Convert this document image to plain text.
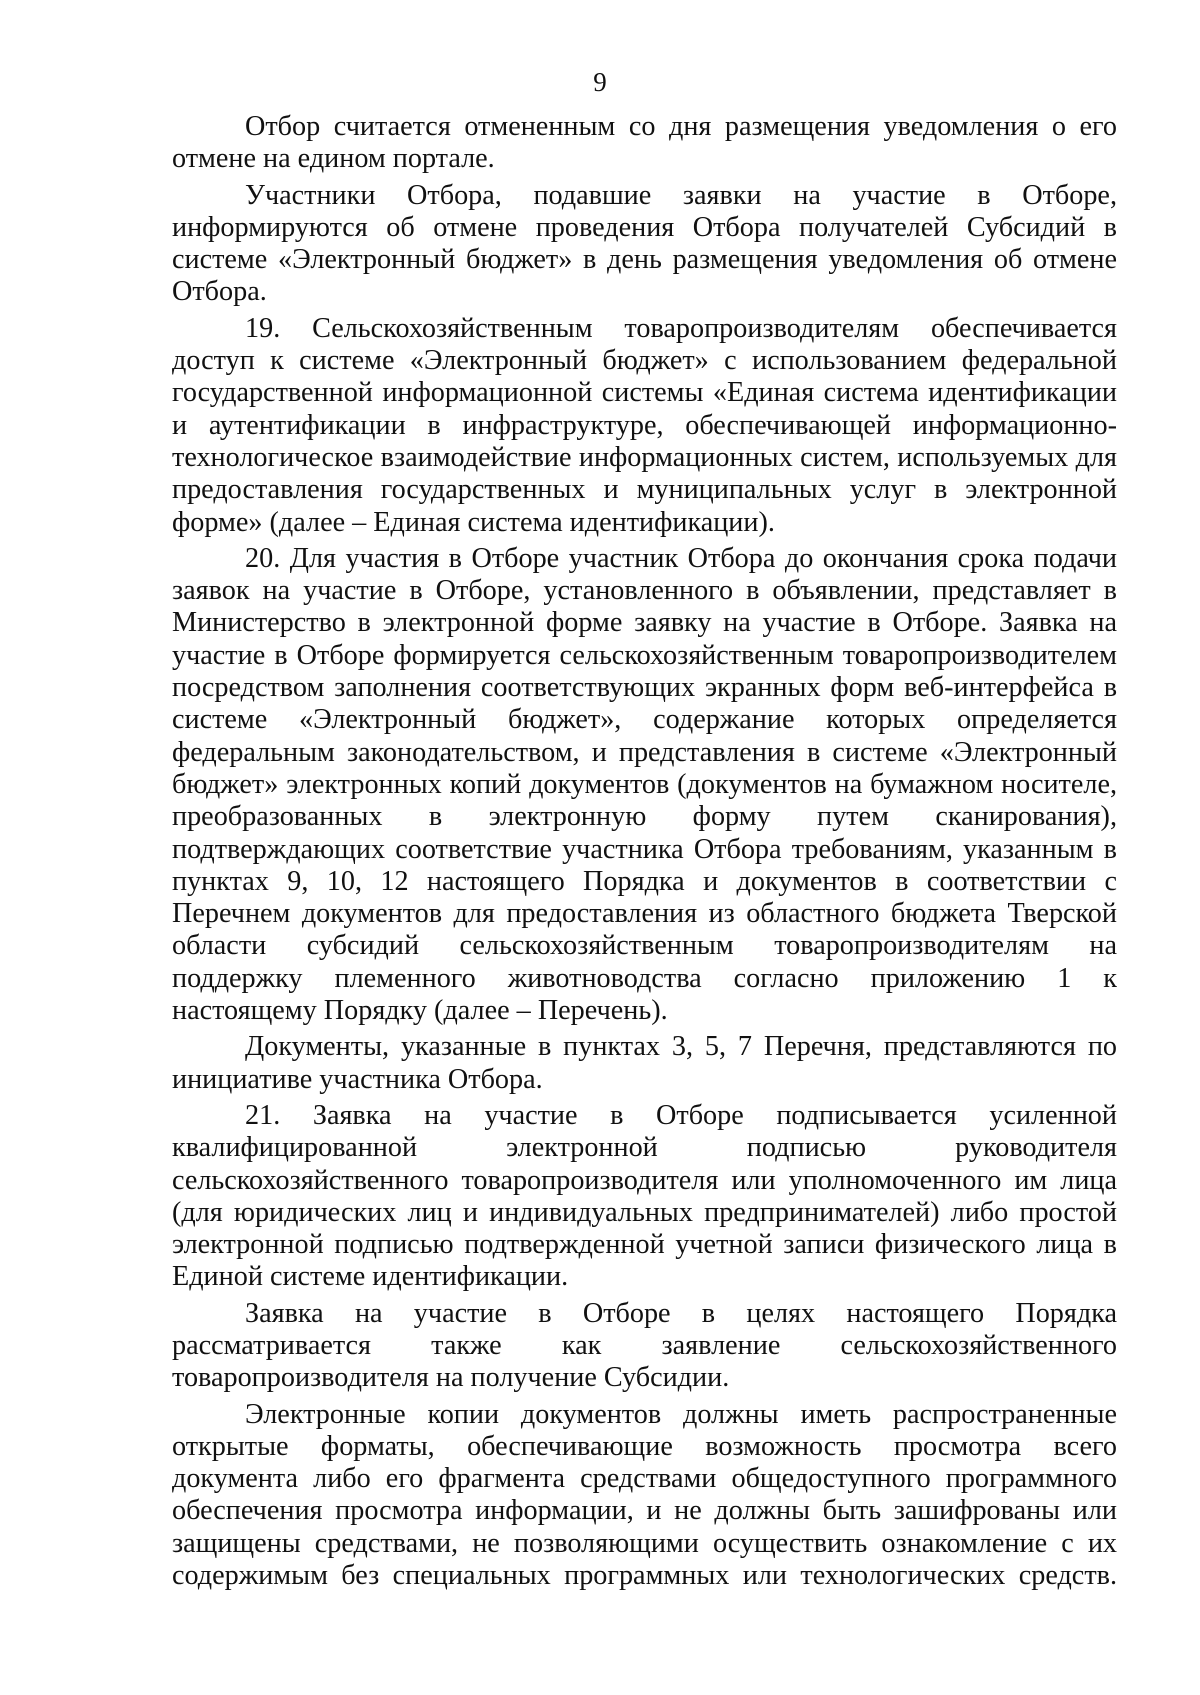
9

Отбор считается отмененным со дня размещения уведомления о его отмене на едином портале.

Участники Отбора, подавшие заявки на участие в Отборе, информируются об отмене проведения Отбора получателей Субсидий в системе «Электронный бюджет» в день размещения уведомления об отмене Отбора.

19. Сельскохозяйственным товаропроизводителям обеспечивается доступ к системе «Электронный бюджет» с использованием федеральной государственной информационной системы «Единая система идентификации и аутентификации в инфраструктуре, обеспечивающей информационно-технологическое взаимодействие информационных систем, используемых для предоставления государственных и муниципальных услуг в электронной форме» (далее – Единая система идентификации).

20. Для участия в Отборе участник Отбора до окончания срока подачи заявок на участие в Отборе, установленного в объявлении, представляет в Министерство в электронной форме заявку на участие в Отборе. Заявка на участие в Отборе формируется сельскохозяйственным товаропроизводителем посредством заполнения соответствующих экранных форм веб-интерфейса в системе «Электронный бюджет», содержание которых определяется федеральным законодательством, и представления в системе «Электронный бюджет» электронных копий документов (документов на бумажном носителе, преобразованных в электронную форму путем сканирования), подтверждающих соответствие участника Отбора требованиям, указанным в пунктах 9, 10, 12 настоящего Порядка и документов в соответствии с Перечнем документов для предоставления из областного бюджета Тверской области субсидий сельскохозяйственным товаропроизводителям на поддержку племенного животноводства согласно приложению 1 к настоящему Порядку (далее – Перечень).

Документы, указанные в пунктах 3, 5, 7 Перечня, представляются по инициативе участника Отбора.

21. Заявка на участие в Отборе подписывается усиленной квалифицированной электронной подписью руководителя сельскохозяйственного товаропроизводителя или уполномоченного им лица (для юридических лиц и индивидуальных предпринимателей) либо простой электронной подписью подтвержденной учетной записи физического лица в Единой системе идентификации.

Заявка на участие в Отборе в целях настоящего Порядка рассматривается также как заявление сельскохозяйственного товаропроизводителя на получение Субсидии.

Электронные копии документов должны иметь распространенные открытые форматы, обеспечивающие возможность просмотра всего документа либо его фрагмента средствами общедоступного программного обеспечения просмотра информации, и не должны быть зашифрованы или защищены средствами, не позволяющими осуществить ознакомление с их содержимым без специальных программных или технологических средств.
